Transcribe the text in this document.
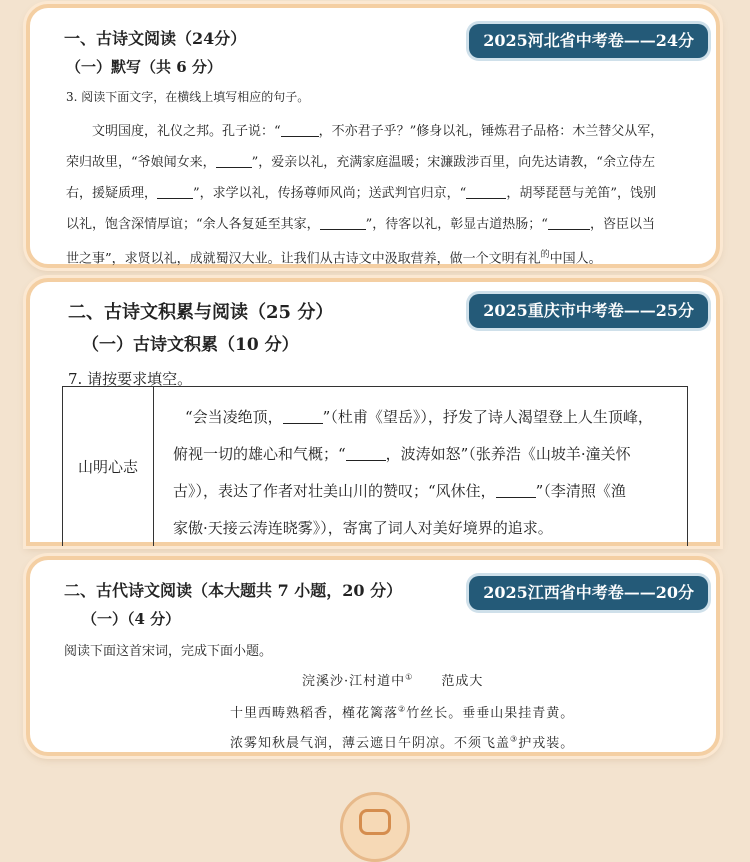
2025河北省中考卷——24分
一、古诗文阅读（24分）
（一）默写（共 6 分）
3. 阅读下面文字，在横线上填写相应的句子。
文明国度，礼仪之邦。孔子说：“	，不亦君子乎？”修身以礼，锤炼君子品格：木兰替父从军，
荣归故里，“爷娘闻女来，	”，爱亲以礼，充满家庭温暖；宋濂跋涉百里，向先达请教，“余立侍左
右，援疑质理，	”，求学以礼，传扬尊师风尚；送武判官归京，“	，胡琴琵琶与羌笛”，饯别
以礼，饱含深情厚谊；“余人各复延至其家，	”，待客以礼，彰显古道热肠；“	，咨臣以当
世之事”，求贤以礼，成就蜀汉大业。让我们从古诗文中汲取营养，做一个文明有礼$^的$中国人。
2025重庆市中考卷——25分
二、古诗文积累与阅读（25 分）
（一）古诗文积累（10 分）
7. 请按要求填空。
山明心志
“会当凌绝顶，	”（杜甫《望岳》），抒发了诗人渴望登上人生顶峰，
俯视一切的雄心和气概；“	，波涛如怒”（张养浩《山坡羊·潼关怀
古》），表达了作者对壮美山川的赞叹；“风休住，	”（李清照《渔
家傲·天接云涛连晓雾》），寄寓了词人对美好境界的追求。
2025江西省中考卷——20分
二、古代诗文阅读（本大题共 7 小题，20 分）
（一）（4 分）
阅读下面这首宋词，完成下面小题。
浣溪沙·江村道中① 范成大
十里西畴熟稻香，槿花篱落②竹丝长。垂垂山果挂青黄。
浓雾知秋晨气润，薄云遮日午阴凉。不须飞盖③护戎装。
